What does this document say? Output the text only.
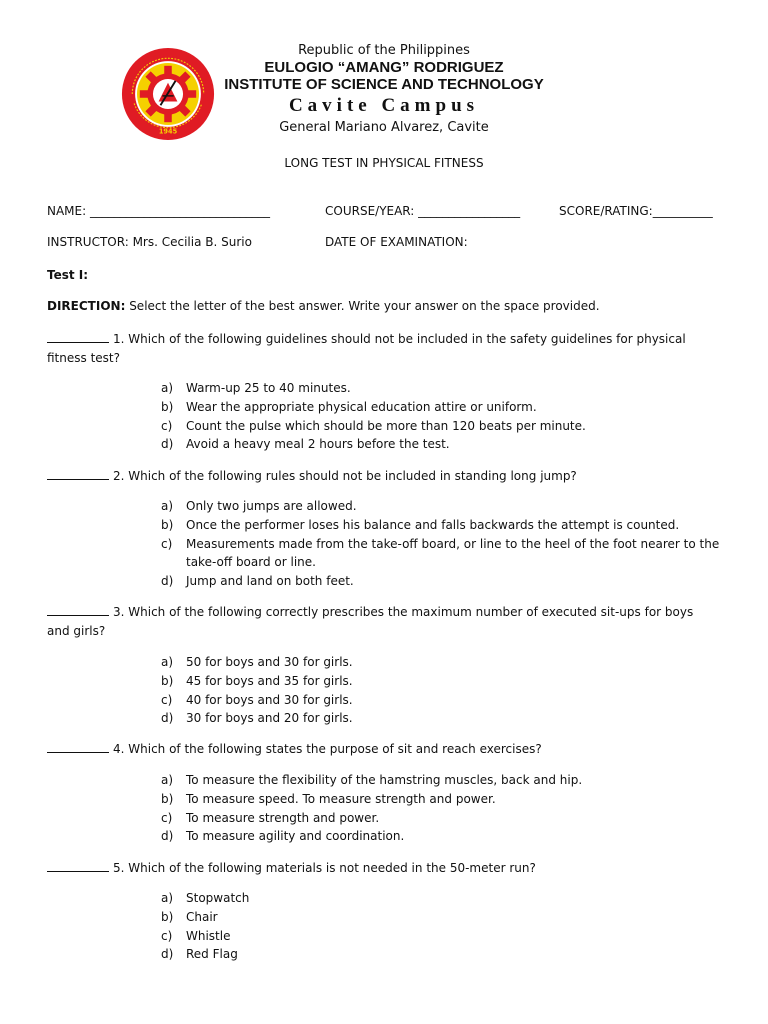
1945
Republic of the Philippines
EULOGIO “AMANG” RODRIGUEZ
INSTITUTE OF SCIENCE AND TECHNOLOGY
Cavite Campus
General Mariano Alvarez, Cavite
LONG TEST IN PHYSICAL FITNESS
NAME: ______________________________	COURSE/YEAR: _________________	SCORE/RATING:__________
INSTRUCTOR: Mrs. Cecilia B. Surio	DATE OF EXAMINATION:
Test I:
DIRECTION: Select the letter of the best answer. Write your answer on the space provided.
1. Which of the following guidelines should not be included in the safety guidelines for physical fitness test?
a)	Warm-up 25 to 40 minutes.
b)	Wear the appropriate physical education attire or uniform.
c)	Count the pulse which should be more than 120 beats per minute.
d)	Avoid a heavy meal 2 hours before the test.
2. Which of the following rules should not be included in standing long jump?
a)	Only two jumps are allowed.
b)	Once the performer loses his balance and falls backwards the attempt is counted.
c)	Measurements made from the take-off board, or line to the heel of the foot nearer to the take-off board or line.
d)	Jump and land on both feet.
3. Which of the following correctly prescribes the maximum number of executed sit-ups for boys and girls?
a)	50 for boys and 30 for girls.
b)	45 for boys and 35 for girls.
c)	40 for boys and 30 for girls.
d)	30 for boys and 20 for girls.
4. Which of the following states the purpose of sit and reach exercises?
a)	To measure the flexibility of the hamstring muscles, back and hip.
b)	To measure speed. To measure strength and power.
c)	To measure strength and power.
d)	To measure agility and coordination.
5. Which of the following materials is not needed in the 50-meter run?
a)	Stopwatch
b)	Chair
c)	Whistle
d)	Red Flag
